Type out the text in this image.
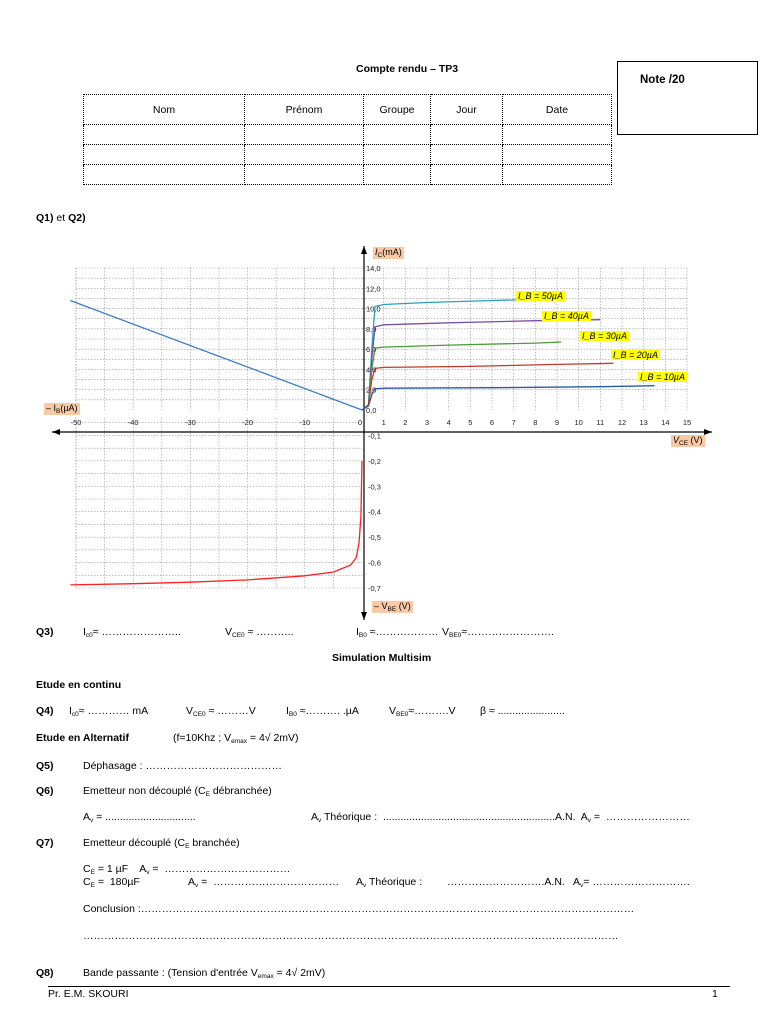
Compte rendu – TP3
Note /20
Nom	Prénom	Groupe	Jour	Date

Q1) et Q2)
1 2 3 4 5 6 7 8 9 10 11 12 13 14 15
-50	-40	-30	-20	-10	0
0,0
2,0
4,0
6,0
8,0
10,0
12,0
14,0
-0,1
-0,2
-0,3
-0,4
-0,5
-0,6
-0,7
$I_C(mA)$
$V_{CE}$ (V)
– $I_B(\mu A)$
– $V_{BE}$ (V)
I_B = 50µA
I_B = 40µA
I_B = 30µA
I_B = 20µA
I_B = 10µA
Q3)	$I_{c0}\approx$ …………………..	$V_{CE0}$ ≈ ………..	$I_{B0}$ ≈……………… $V_{BE0}\approx\dots\dots\dots\dots\dots\dots\dots\dots$.
Simulation Multisim
Etude en continu
Q4) $I_{c0}\approx$ ………… mA	$V_{CE0}$ ≈ ………V	$I_{B0}$ ≈………. .µA	$V_{BE0}\approx\dots\dots\dots.V$ β ≈ .......................
Etude en Alternatif	(f=10Khz ; $V_{emax} = 4√$ 2mV)
Q5)	Déphasage : …………………………………
Q6)	Emetteur non découplé ($C_E$ débranchée)
$A_v$ = ...............................	$A_v$ Théorique :  ...........................................................A.N.  $A_v$ =  ……………………
Q7)	Emetteur découplé ($C_E$ branchée)
$C_E = 1$ µF    $A_v$ =  ………………………………
$C_E = 180\mu F$	$A_v$ =  ……………………………… $A_v$ Théorique : ……………………….A.N.   $A_v=$ ……………………….
Conclusion :……………………………………………………………………………………………………………………………
………………………………………………………………………………………………………………………………………
Q8)	Bande passante : (Tension d'entrée $V_{emax} = 4√$ 2mV)
Pr. E.M. SKOURI	1
